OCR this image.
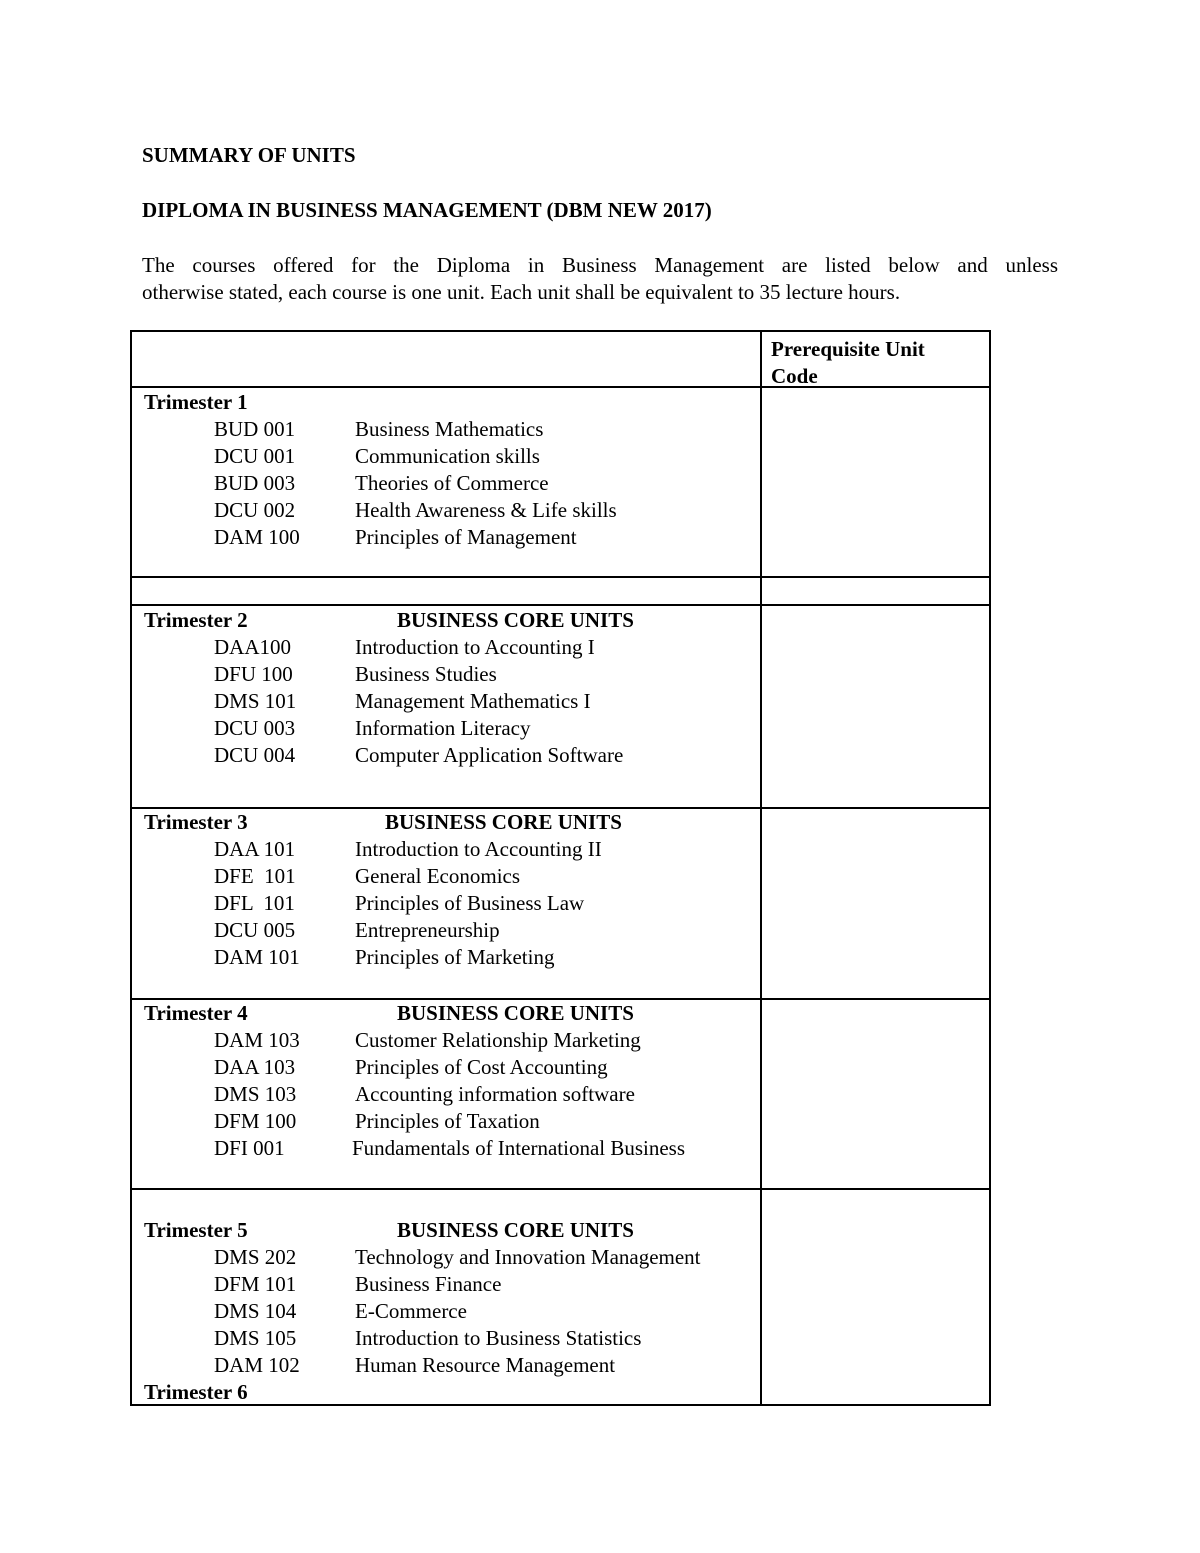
SUMMARY OF UNITS
DIPLOMA IN BUSINESS MANAGEMENT (DBM NEW 2017)
The courses offered for the Diploma in Business Management are listed below and unless
otherwise stated, each course is one unit. Each unit shall be equivalent to 35 lecture hours.
Prerequisite Unit
Code
Trimester 1
BUD 001	Business Mathematics
DCU 001	Communication skills
BUD 003	Theories of Commerce
DCU 002	Health Awareness & Life skills
DAM 100	Principles of Management
Trimester 2	BUSINESS CORE UNITS
DAA100	Introduction to Accounting I
DFU 100	Business Studies
DMS 101	Management Mathematics I
DCU 003	Information Literacy
DCU 004	Computer Application Software
Trimester 3	BUSINESS CORE UNITS
DAA 101	Introduction to Accounting II
DFE  101	General Economics
DFL  101	Principles of Business Law
DCU 005	Entrepreneurship
DAM 101	Principles of Marketing
Trimester 4	BUSINESS CORE UNITS
DAM 103	Customer Relationship Marketing
DAA 103	Principles of Cost Accounting
DMS 103	Accounting information software
DFM 100	Principles of Taxation
DFI 001	Fundamentals of International Business
Trimester 5	BUSINESS CORE UNITS
DMS 202	Technology and Innovation Management
DFM 101	Business Finance
DMS 104	E-Commerce
DMS 105	Introduction to Business Statistics
DAM 102	Human Resource Management
Trimester 6
